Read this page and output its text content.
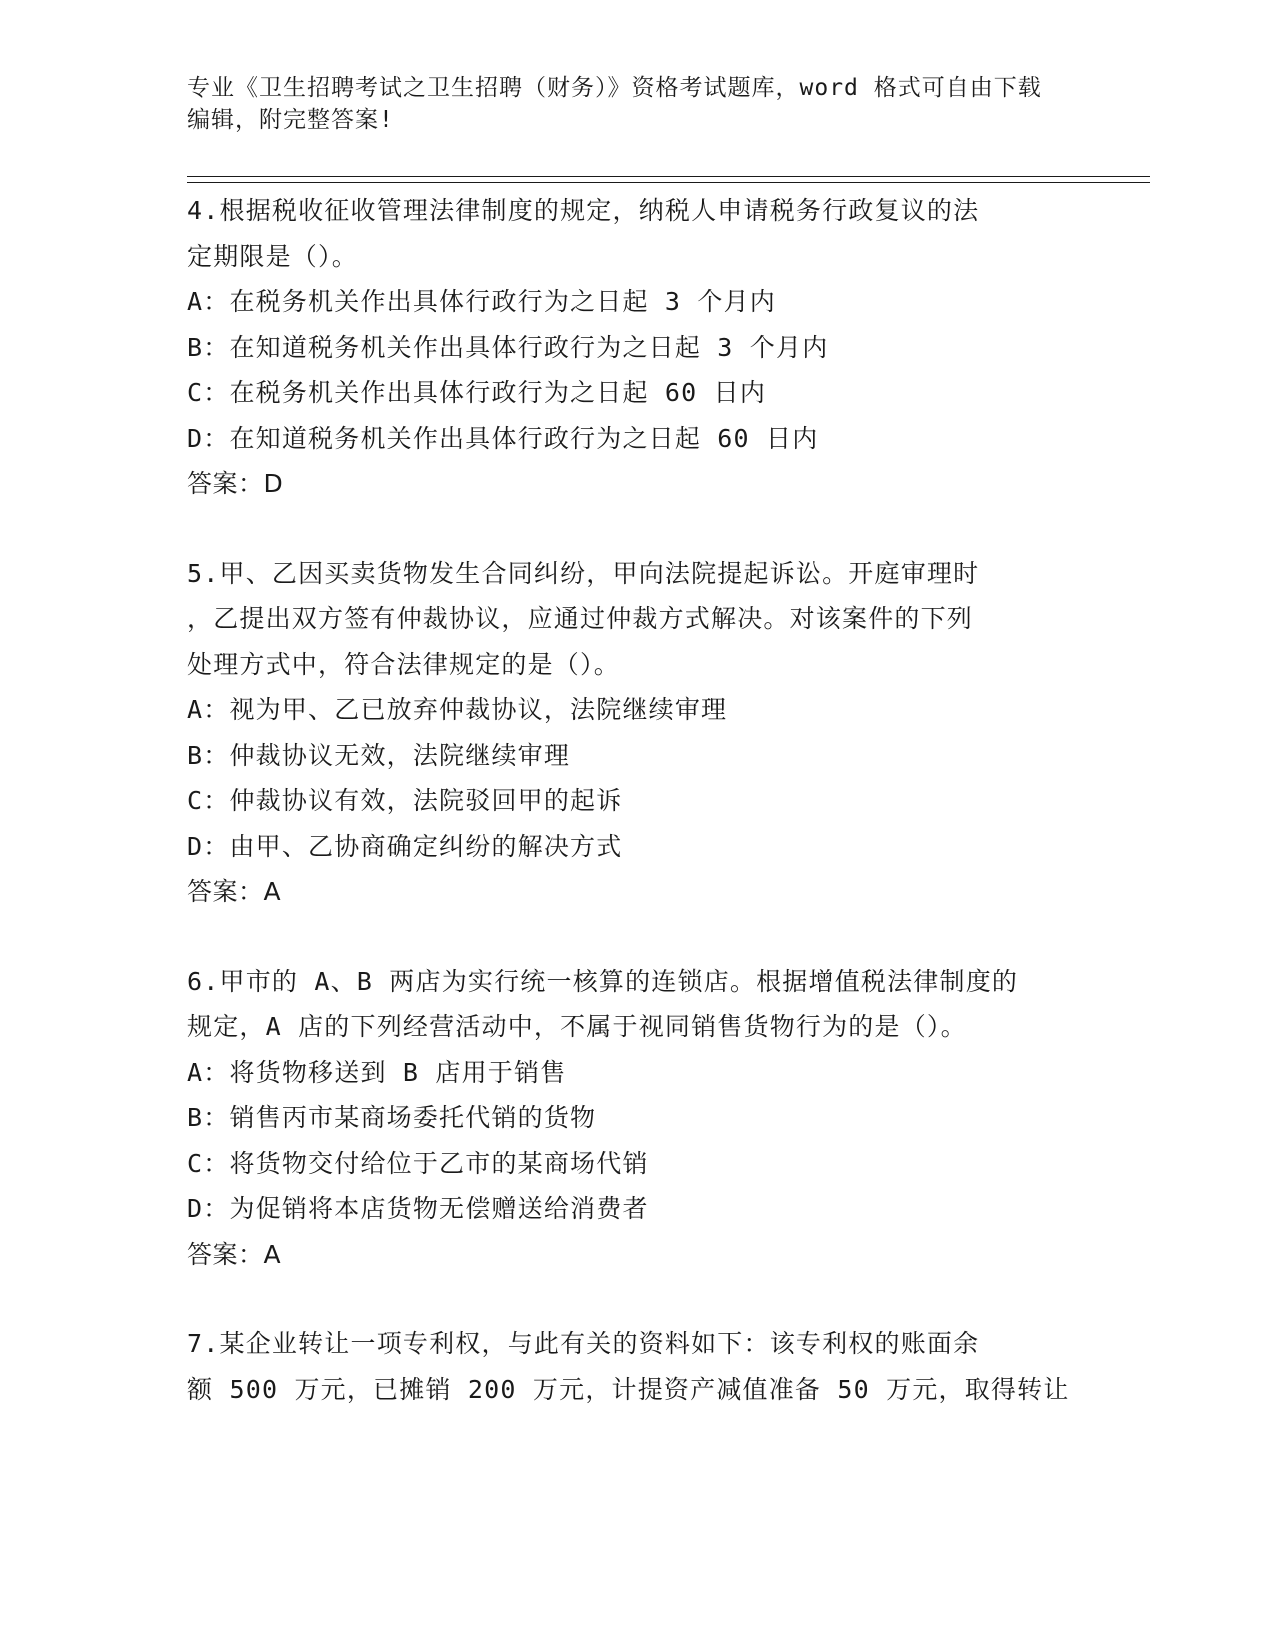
专业《卫生招聘考试之卫生招聘（财务）》资格考试题库，word 格式可自由下载
编辑，附完整答案!
4.根据税收征收管理法律制度的规定，纳税人申请税务行政复议的法
定期限是（）。
A：在税务机关作出具体行政行为之日起 3 个月内
B：在知道税务机关作出具体行政行为之日起 3 个月内
C：在税务机关作出具体行政行为之日起 60 日内
D：在知道税务机关作出具体行政行为之日起 60 日内
答案：D
5.甲、乙因买卖货物发生合同纠纷，甲向法院提起诉讼。开庭审理时
，乙提出双方签有仲裁协议，应通过仲裁方式解决。对该案件的下列
处理方式中，符合法律规定的是（）。
A：视为甲、乙已放弃仲裁协议，法院继续审理
B：仲裁协议无效，法院继续审理
C：仲裁协议有效，法院驳回甲的起诉
D：由甲、乙协商确定纠纷的解决方式
答案：A
6.甲市的 A、B 两店为实行统一核算的连锁店。根据增值税法律制度的
规定，A 店的下列经营活动中，不属于视同销售货物行为的是（）。
A：将货物移送到 B 店用于销售
B：销售丙市某商场委托代销的货物
C：将货物交付给位于乙市的某商场代销
D：为促销将本店货物无偿赠送给消费者
答案：A
7.某企业转让一项专利权，与此有关的资料如下：该专利权的账面余
额 500 万元，已摊销 200 万元，计提资产减值准备 50 万元，取得转让
